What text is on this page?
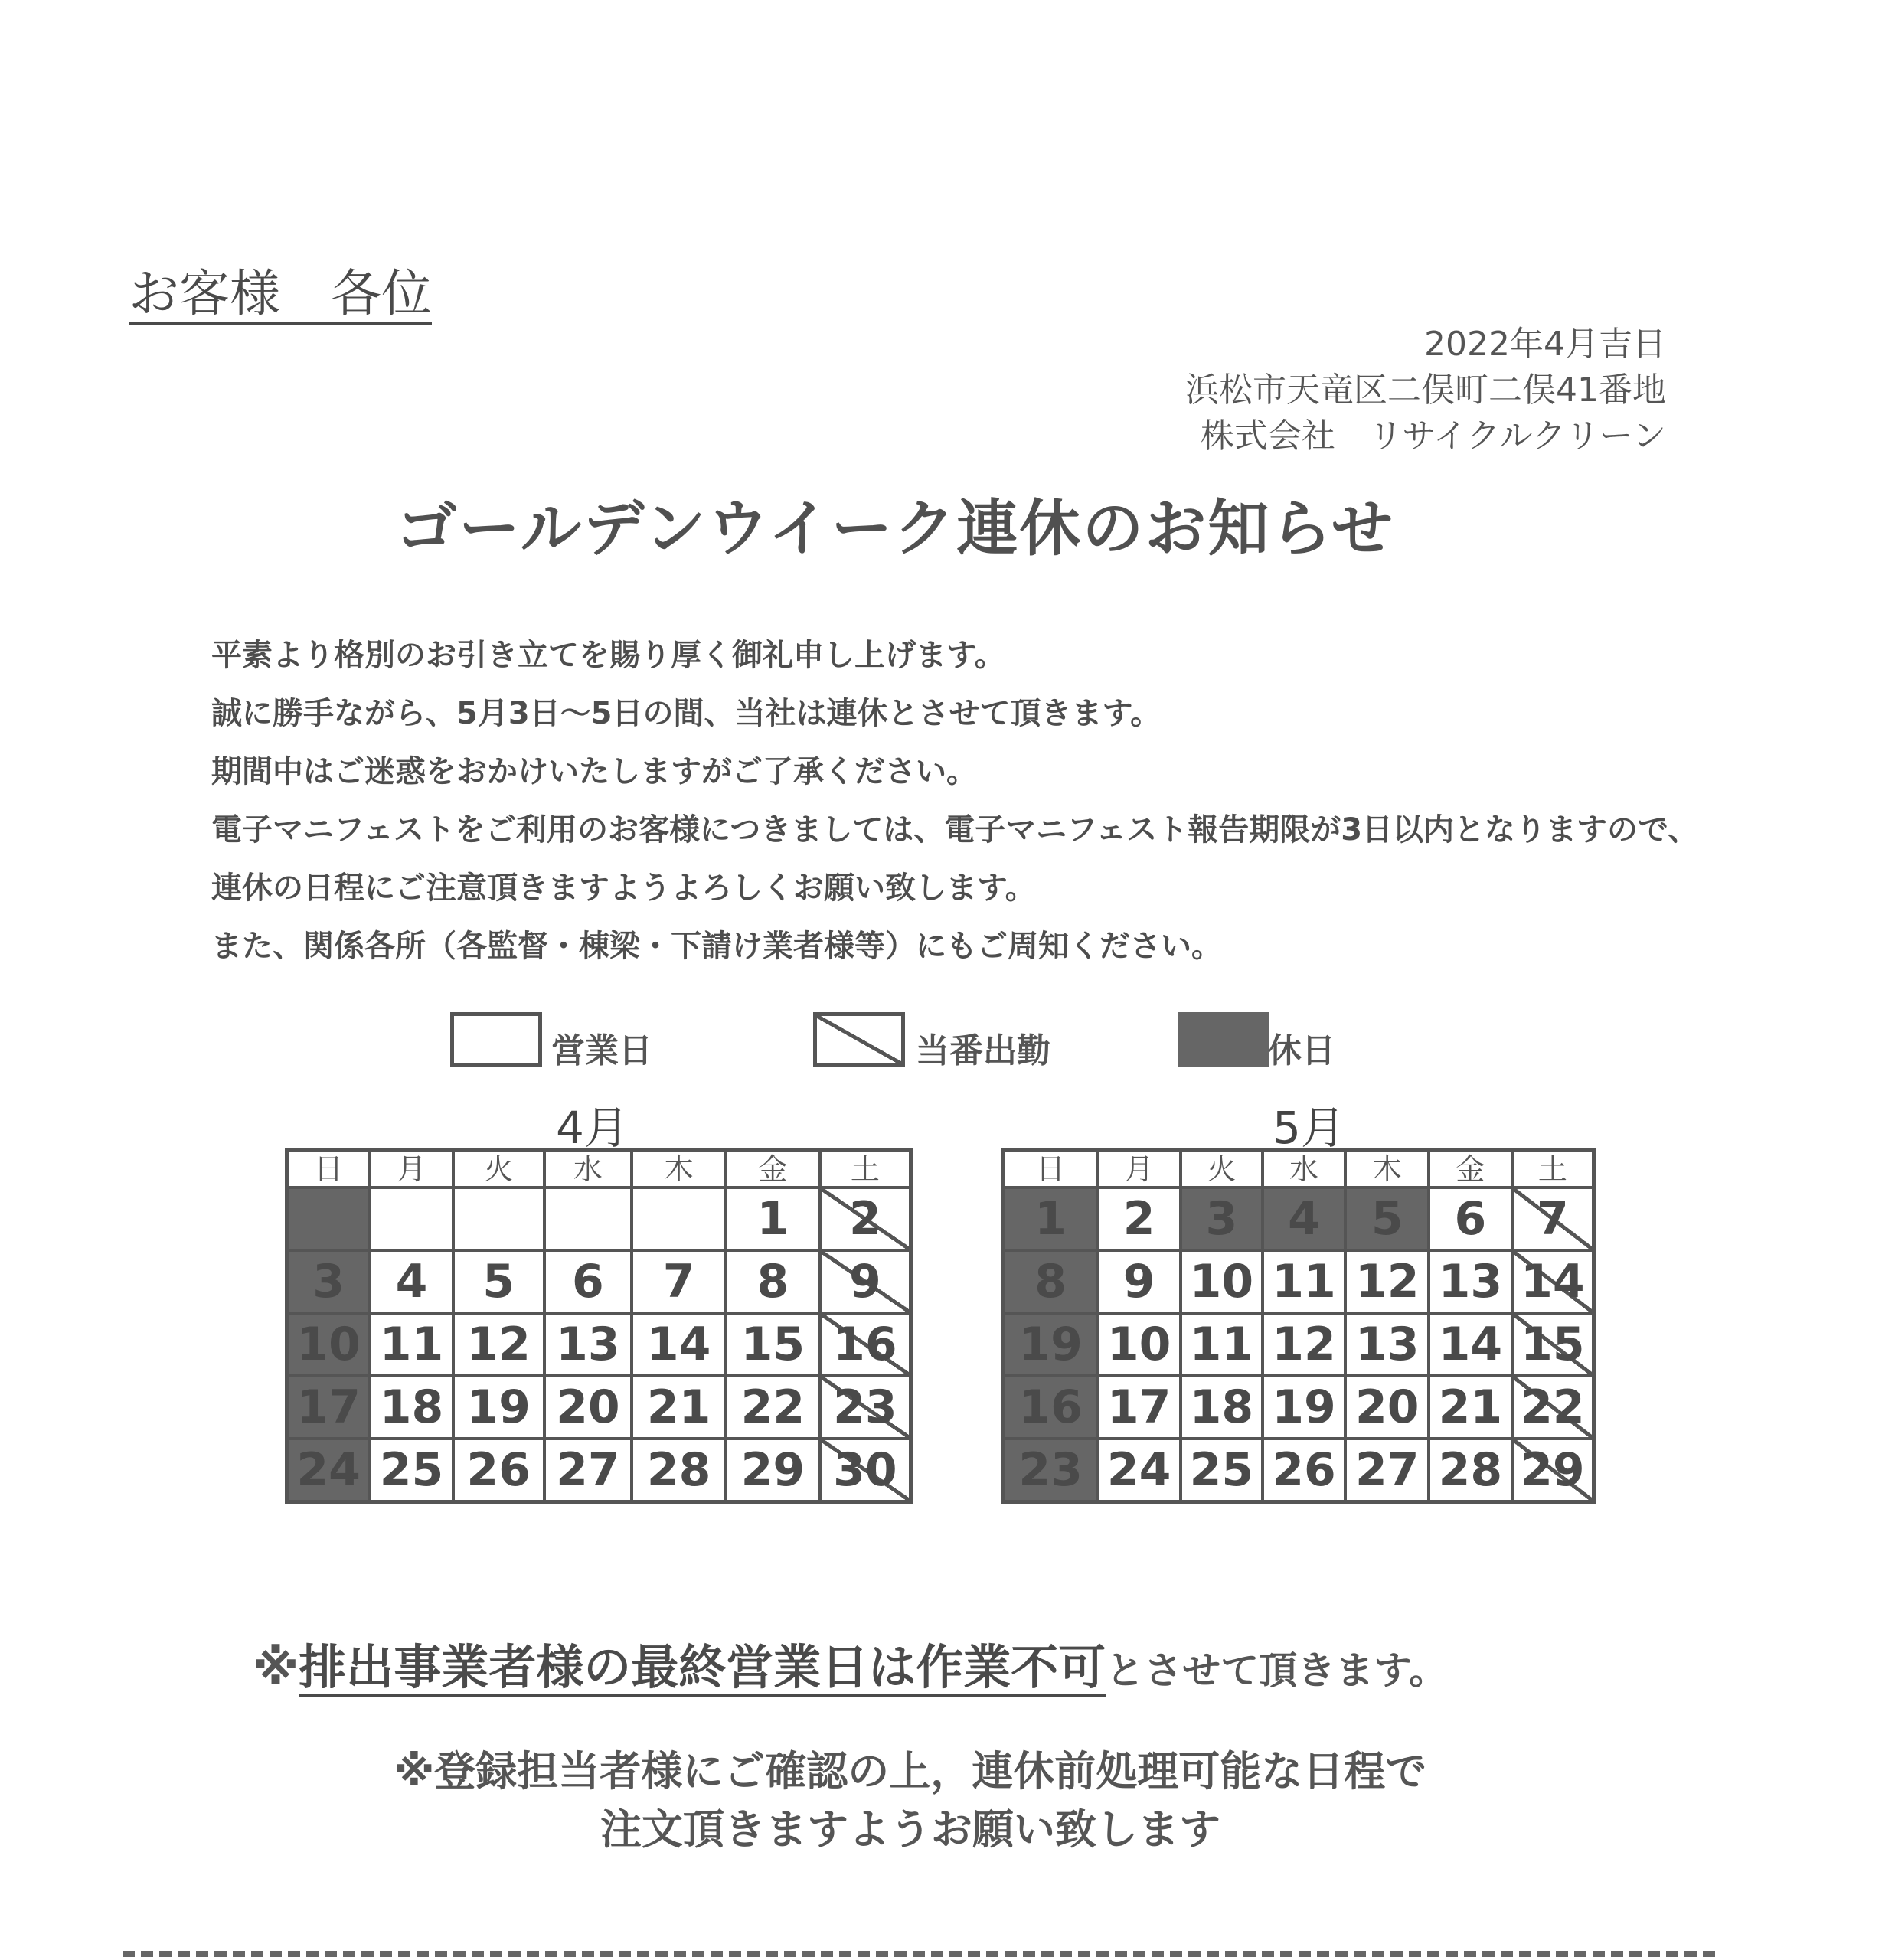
お客様　各位
2022年4月吉日
浜松市天竜区二俣町二俣41番地
株式会社　リサイクルクリーン
ゴールデンウイーク連休のお知らせ
平素より格別のお引き立てを賜り厚く御礼申し上げます。
誠に勝手ながら、5月3日～5日の間、当社は連休とさせて頂きます。
期間中はご迷惑をおかけいたしますがご了承ください。
電子マニフェストをご利用のお客様につきましては、電子マニフェスト報告期限が3日以内となりますので、
連休の日程にご注意頂きますようよろしくお願い致します。
また、関係各所（各監督・棟梁・下請け業者様等）にもご周知ください。
営業日	当番出勤	休日
4月	5月
日	月	火	水	木	金	土
					1	2
3	4	5	6	7	8	9
10	11	12	13	14	15	16
17	18	19	20	21	22	23
24	25	26	27	28	29	30
日	月	火	水	木	金	土
1	2	3	4	5	6	7
8	9	10	11	12	13	14
19	10	11	12	13	14	15
16	17	18	19	20	21	22
23	24	25	26	27	28	29
※排出事業者様の最終営業日は作業不可とさせて頂きます。
※登録担当者様にご確認の上，連休前処理可能な日程で
注文頂きますようお願い致します
